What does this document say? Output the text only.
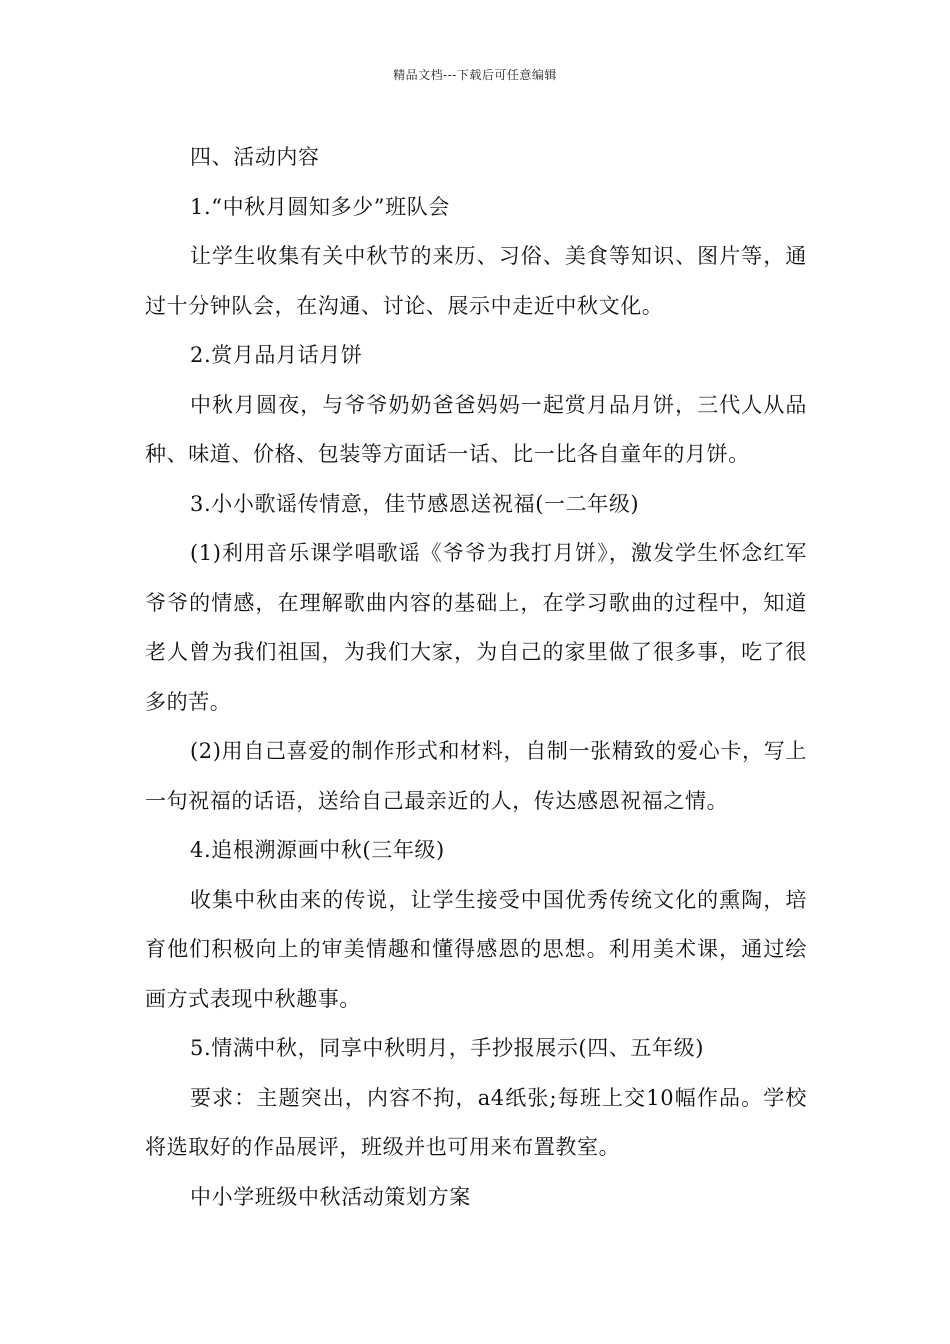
精品文档---下载后可任意编辑

四、活动内容

1.“中秋月圆知多少”班队会

让学生收集有关中秋节的来历、习俗、美食等知识、图片等，通过十分钟队会，在沟通、讨论、展示中走近中秋文化。

2.赏月品月话月饼

中秋月圆夜，与爷爷奶奶爸爸妈妈一起赏月品月饼，三代人从品种、味道、价格、包装等方面话一话、比一比各自童年的月饼。

3.小小歌谣传情意，佳节感恩送祝福(一二年级)

(1)利用音乐课学唱歌谣《爷爷为我打月饼》，激发学生怀念红军爷爷的情感，在理解歌曲内容的基础上，在学习歌曲的过程中，知道老人曾为我们祖国，为我们大家，为自己的家里做了很多事，吃了很多的苦。

(2)用自己喜爱的制作形式和材料，自制一张精致的爱心卡，写上一句祝福的话语，送给自己最亲近的人，传达感恩祝福之情。

4.追根溯源画中秋(三年级)

收集中秋由来的传说，让学生接受中国优秀传统文化的熏陶，培育他们积极向上的审美情趣和懂得感恩的思想。利用美术课，通过绘画方式表现中秋趣事。

5.情满中秋，同享中秋明月，手抄报展示(四、五年级)

要求：主题突出，内容不拘，a4纸张;每班上交10幅作品。学校将选取好的作品展评，班级并也可用来布置教室。

中小学班级中秋活动策划方案
